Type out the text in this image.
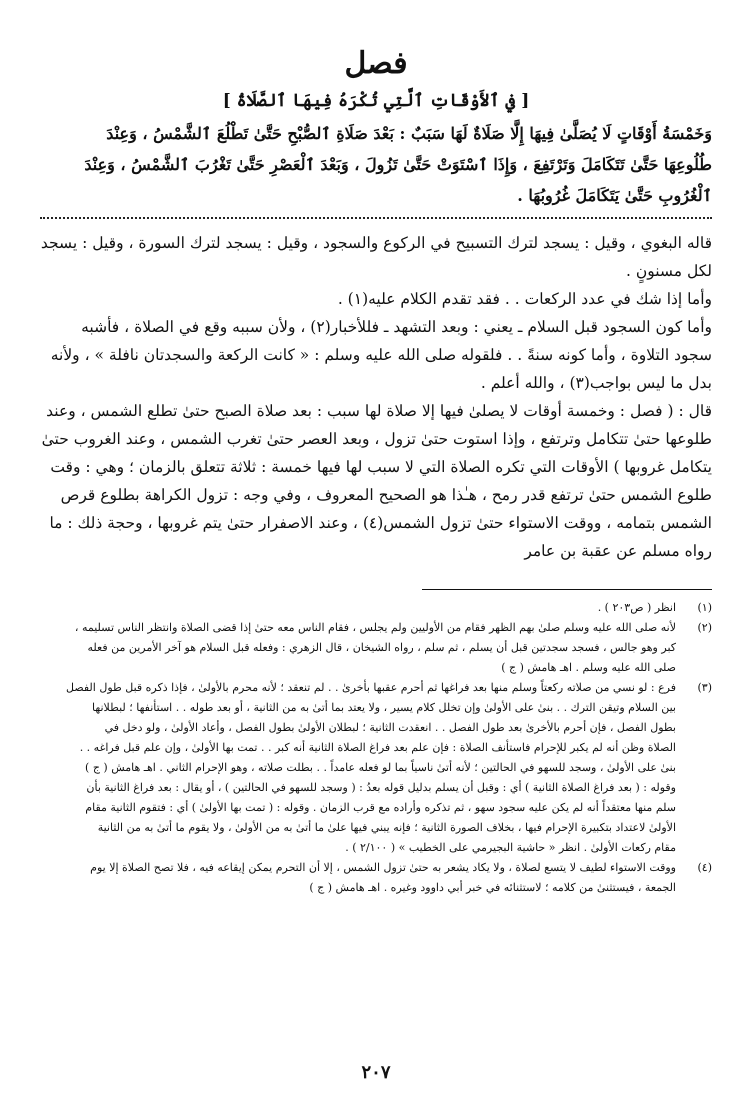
فصل
[ في ٱلأَوْقَاتِ ٱلَّتِي تُكْرَهُ فِيهَا ٱلصَّلَاةُ ]

وَخَمْسَةُ أَوْقَاتٍ لَا يُصَلَّىٰ فِيهَا إِلَّا صَلَاةٌ لَهَا سَبَبٌ : بَعْدَ صَلَاةِ ٱلصُّبْحِ حَتَّىٰ تَطْلُعَ ٱلشَّمْسُ ، وَعِنْدَ

طُلُوعِهَا حَتَّىٰ تَتَكَامَلَ وَتَرْتَفِعَ ، وَإِذَا ٱسْتَوَتْ حَتَّىٰ تَزُولَ ، وَبَعْدَ ٱلْعَصْرِ حَتَّىٰ تَغْرُبَ ٱلشَّمْسُ ، وَعِنْدَ

ٱلْغُرُوبِ حَتَّىٰ يَتَكَامَلَ غُرُوبُهَا .

قاله البغوي ، وقيل : يسجد لترك التسبيح في الركوع والسجود ، وقيل : يسجد لترك السورة ، وقيل : يسجد لكل مسنونٍ .

وأما إذا شك في عدد الركعات . . فقد تقدم الكلام عليه(١) .

وأما كون السجود قبل السلام ـ يعني : وبعد التشهد ـ فللأخبار(٢) ، ولأن سببه وقع في الصلاة ، فأشبه سجود التلاوة ، وأما كونه سنةً . . فلقوله صلى الله عليه وسلم : « كانت الركعة والسجدتان نافلة » ، ولأنه بدل ما ليس بواجب(٣) ، والله أعلم .

قال : ( فصل : وخمسة أوقات لا يصلىٰ فيها إلا صلاة لها سبب : بعد صلاة الصبح حتىٰ تطلع الشمس ، وعند طلوعها حتىٰ تتكامل وترتفع ، وإذا استوت حتىٰ تزول ، وبعد العصر حتىٰ تغرب الشمس ، وعند الغروب حتىٰ يتكامل غروبها ) الأوقات التي تكره الصلاة التي لا سبب لها فيها خمسة : ثلاثة تتعلق بالزمان ؛ وهي : وقت طلوع الشمس حتىٰ ترتفع قدر رمح ، هـٰذا هو الصحيح المعروف ، وفي وجه : تزول الكراهة بطلوع قرص الشمس بتمامه ، ووقت الاستواء حتىٰ تزول الشمس(٤) ، وعند الاصفرار حتىٰ يتم غروبها ، وحجة ذلك : ما رواه مسلم عن عقبة بن عامر

(١)

انظر ( ص٢٠٣ ) .

(٢)

لأنه صلى الله عليه وسلم صلىٰ بهم الظهر فقام من الأوليين ولم يجلس ، فقام الناس معه حتىٰ إذا قضى الصلاة وانتظر الناس تسليمه ،

كبر وهو جالس ، فسجد سجدتين قبل أن يسلم ، ثم سلم ، رواه الشيخان ، قال الزهري : وفعله قبل السلام هو آخر الأمرين من فعله

صلى الله عليه وسلم . اهـ هامش ( ج )

(٣)

فرع : لو نسي من صلاته ركعتاً وسلم منها بعد فراغها ثم أحرم عقبها بأخرىٰ . . لم تنعقد ؛ لأنه محرم بالأولىٰ ، فإذا ذكره قبل طول الفصل

بين السلام وتيقن الترك . . بنىٰ على الأولىٰ وإن تخلل كلام يسير ، ولا يعتد بما أتىٰ به من الثانية ، أو بعد طوله . . استأنفها ؛ لبطلانها

بطول الفصل ، فإن أحرم بالأخرىٰ بعد طول الفصل . . انعقدت الثانية ؛ لبطلان الأولىٰ بطول الفصل ، وأعاد الأولىٰ ، ولو دخل في

الصلاة وظن أنه لم يكبر للإحرام فاستأنف الصلاة : فإن علم بعد فراغ الصلاة الثانية أنه كبر . . تمت بها الأولىٰ ، وإن علم قبل فراغه . .

بنىٰ على الأولىٰ ، وسجد للسهو في الحالتين ؛ لأنه أتىٰ ناسياً بما لو فعله عامداً . . بطلت صلاته ، وهو الإحرام الثاني . اهـ هامش ( ج )

وقوله : ( بعد فراغ الصلاة الثانية ) أي : وقبل أن يسلم بدليل قوله بعدُ : ( وسجد للسهو في الحالتين ) ، أو يقال : بعد فراغ الثانية بأن

سلم منها معتقداً أنه لم يكن عليه سجود سهو ، ثم تذكره وأراده مع قرب الزمان . وقوله : ( تمت بها الأولىٰ ) أي : فتقوم الثانية مقام

الأولىٰ لاعتداد بتكبيرة الإحرام فيها ، بخلاف الصورة الثانية ؛ فإنه يبني فيها علىٰ ما أتىٰ به من الأولىٰ ، ولا يقوم ما أتىٰ به من الثانية

مقام ركعات الأولىٰ . انظر « حاشية البجيرمي على الخطيب » ( ٢/١٠٠ ) .

(٤)

ووقت الاستواء لطيف لا يتسع لصلاة ، ولا يكاد يشعر به حتىٰ تزول الشمس ، إلا أن التحرم يمكن إيقاعه فيه ، فلا تصح الصلاة إلا يوم

الجمعة ، فيستثنىٰ من كلامه ؛ لاستثنائه في خبر أبي داوود وغيره . اهـ هامش ( ج )

٢٠٧
